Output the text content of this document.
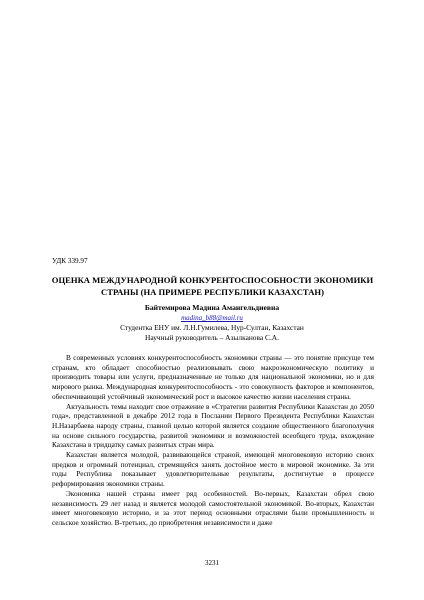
УДК 339.97
ОЦЕНКА МЕЖДУНАРОДНОЙ КОНКУРЕНТОСПОСОБНОСТИ ЭКОНОМИКИ СТРАНЫ (НА ПРИМЕРЕ РЕСПУБЛИКИ КАЗАХСТАН)
Байтемирова Мадина Амангельдиевна
madina_b88@mail.ru
Студентка ЕНУ им. Л.Н.Гумилева, Нур-Султан, Казахстан
Научный руководитель – Азылканова С.А.

В современных условиях конкурентоспособность экономики страны — это понятие присуще тем странам, кто обладает способностью реализовывать свою макроэкономическую политику и производить товары или услуги, предназначенные не только для национальной экономики, но и для мирового рынка. Международная конкурентоспособность - это совокупность факторов и компонентов, обеспечивающий устойчивый экономический рост и высокое качество жизни населения страны.

Актуальность темы находит свое отражение в «Стратегии развития Республики Казахстан до 2050 года», представленной в декабре 2012 года в Послании Первого Президента Республики Казахстан Н.Назарбаева народу страны, главной целью которой является создание общественного благополучия на основе сильного государства, развитой экономики и возможностей всеобщего труда, вхождение Казахстана в тридцатку самых развитых стран мира.

Казахстан является молодой, развивающейся страной, имеющей многовековую историю своих предков и огромный потенциал, стремящейся занять достойное место в мировой экономике. За эти годы Республика показывает удовлетворительные результаты, достигнутые в процессе реформирования экономики страны.

Экономика нашей страны имеет ряд особенностей. Во-первых, Казахстан обрел свою независимость 29 лет назад и является молодой самостоятельной экономикой. Во-вторых, Казахстан имеет многовековую историю, и за этот период основными отраслями были промышленность и сельское хозяйство. В-третьих, до приобретения независимости и даже

3231
